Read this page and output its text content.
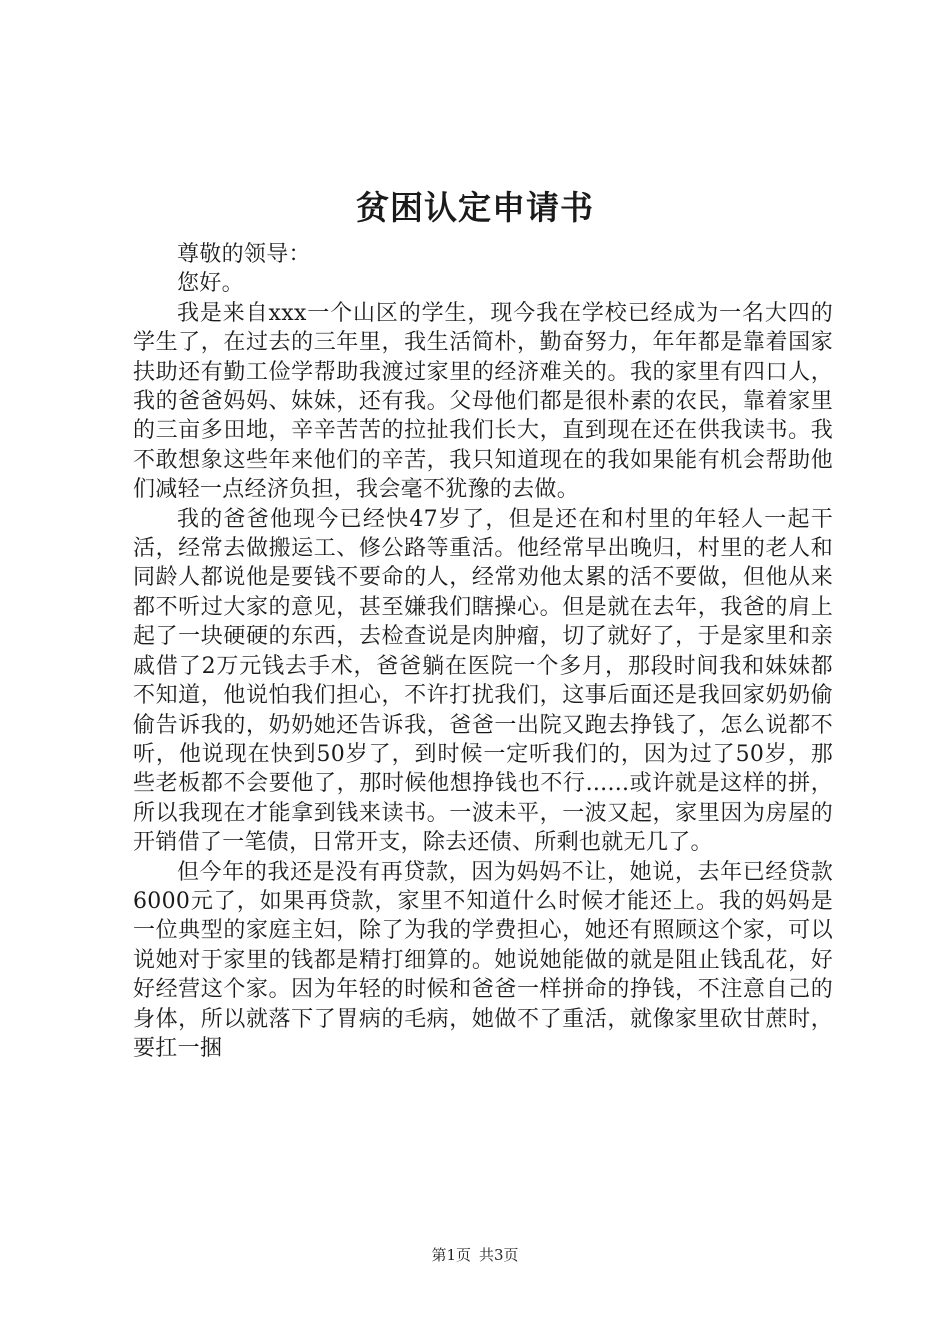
贫困认定申请书

尊敬的领导：

您好。

我是来自xxx一个山区的学生，现今我在学校已经成为一名大四的学生了，在过去的三年里，我生活简朴，勤奋努力，年年都是靠着国家扶助还有勤工俭学帮助我渡过家里的经济难关的。我的家里有四口人，我的爸爸妈妈、妹妹，还有我。父母他们都是很朴素的农民，靠着家里的三亩多田地，辛辛苦苦的拉扯我们长大，直到现在还在供我读书。我不敢想象这些年来他们的辛苦，我只知道现在的我如果能有机会帮助他们减轻一点经济负担，我会毫不犹豫的去做。

我的爸爸他现今已经快47岁了，但是还在和村里的年轻人一起干活，经常去做搬运工、修公路等重活。他经常早出晚归，村里的老人和同龄人都说他是要钱不要命的人，经常劝他太累的活不要做，但他从来都不听过大家的意见，甚至嫌我们瞎操心。但是就在去年，我爸的肩上起了一块硬硬的东西，去检查说是肉肿瘤，切了就好了，于是家里和亲戚借了2万元钱去手术，爸爸躺在医院一个多月，那段时间我和妹妹都不知道，他说怕我们担心，不许打扰我们，这事后面还是我回家奶奶偷偷告诉我的，奶奶她还告诉我，爸爸一出院又跑去挣钱了，怎么说都不听，他说现在快到50岁了，到时候一定听我们的，因为过了50岁，那些老板都不会要他了，那时候他想挣钱也不行......或许就是这样的拼，所以我现在才能拿到钱来读书。一波未平，一波又起，家里因为房屋的开销借了一笔债，日常开支，除去还债、所剩也就无几了。

但今年的我还是没有再贷款，因为妈妈不让，她说，去年已经贷款6000元了，如果再贷款，家里不知道什么时候才能还上。我的妈妈是一位典型的家庭主妇，除了为我的学费担心，她还有照顾这个家，可以说她对于家里的钱都是精打细算的。她说她能做的就是阻止钱乱花，好好经营这个家。因为年轻的时候和爸爸一样拼命的挣钱，不注意自己的身体，所以就落下了胃病的毛病，她做不了重活，就像家里砍甘蔗时，要扛一捆

第1页 共3页
